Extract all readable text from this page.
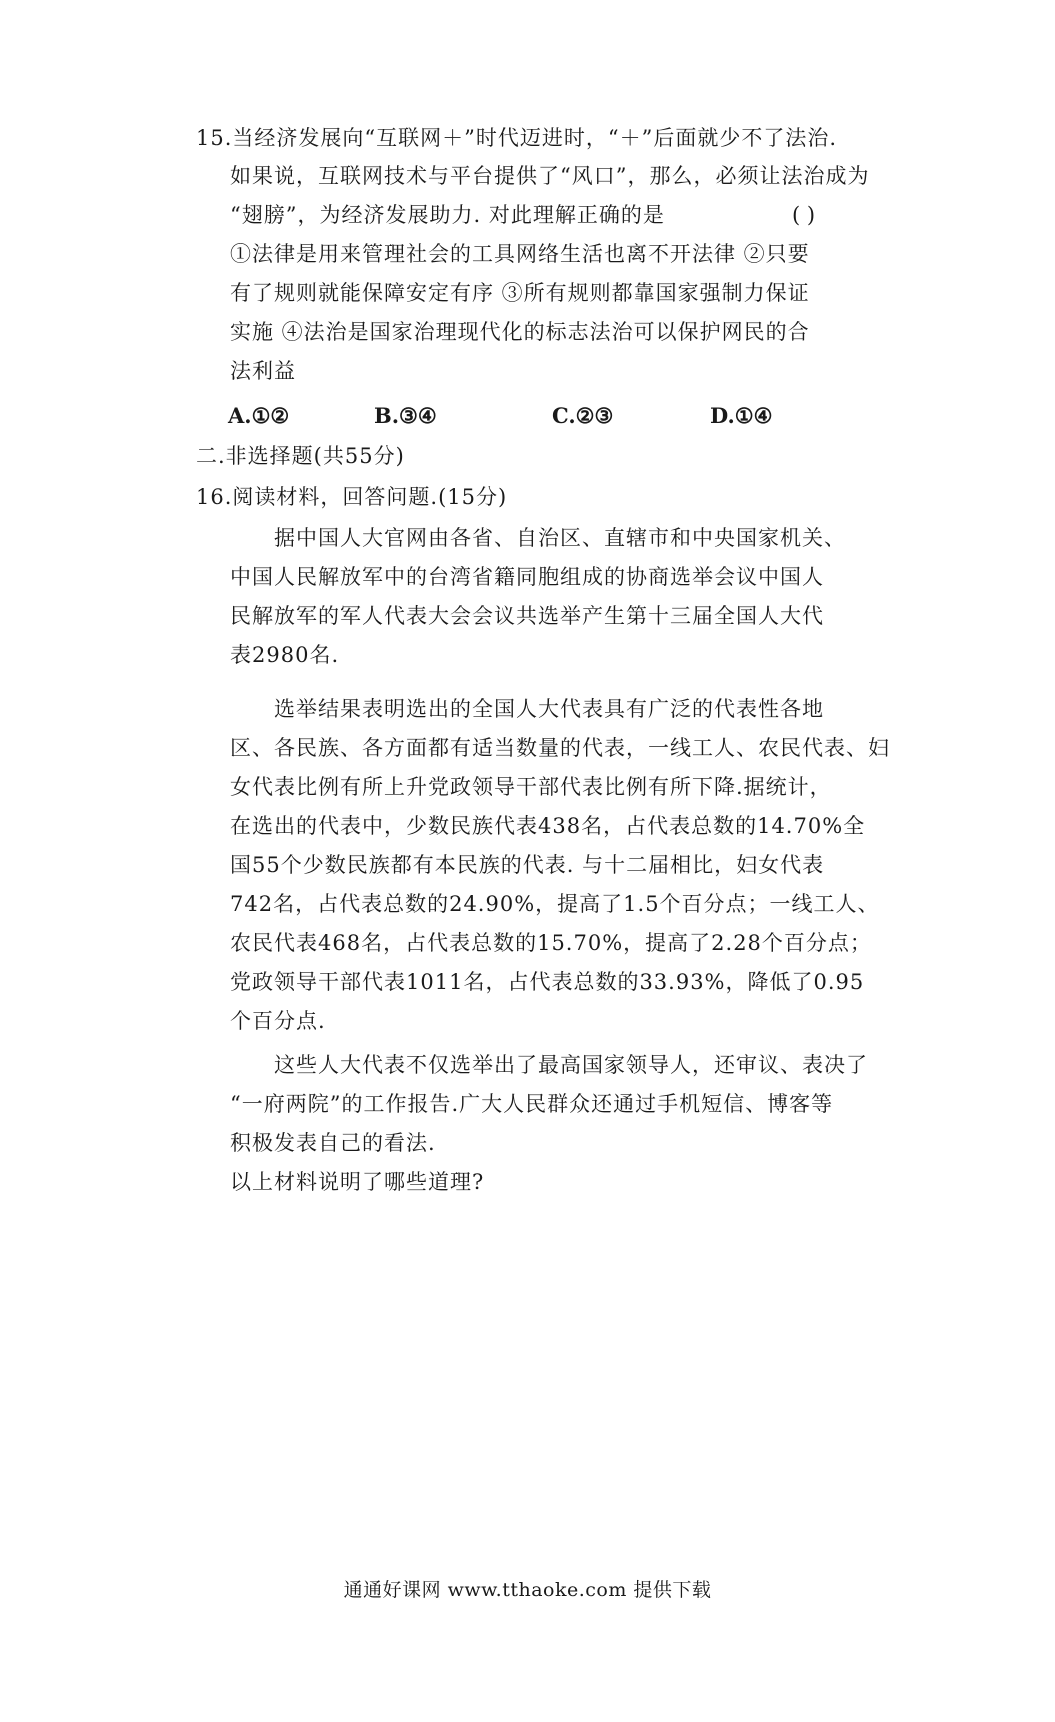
15.当经济发展向“互联网＋”时代迈进时，“＋”后面就少不了法治.
如果说，互联网技术与平台提供了“风口”，那么，必须让法治成为
“翅膀”，为经济发展助力. 对此理解正确的是	( )
①法律是用来管理社会的工具网络生活也离不开法律 ②只要
有了规则就能保障安定有序 ③所有规则都靠国家强制力保证
实施 ④法治是国家治理现代化的标志法治可以保护网民的合
法利益
A.①②	B.③④	C.②③	D.①④
二.非选择题(共55分)
16.阅读材料，回答问题.(15分)
据中国人大官网由各省、自治区、直辖市和中央国家机关、
中国人民解放军中的台湾省籍同胞组成的协商选举会议中国人
民解放军的军人代表大会会议共选举产生第十三届全国人大代
表2980名.
选举结果表明选出的全国人大代表具有广泛的代表性各地
区、各民族、各方面都有适当数量的代表，一线工人、农民代表、妇
女代表比例有所上升党政领导干部代表比例有所下降.据统计，
在选出的代表中，少数民族代表438名，占代表总数的14.70%全
国55个少数民族都有本民族的代表. 与十二届相比，妇女代表
742名，占代表总数的24.90%，提高了1.5个百分点；一线工人、
农民代表468名，占代表总数的15.70%，提高了2.28个百分点；
党政领导干部代表1011名，占代表总数的33.93%，降低了0.95
个百分点.
这些人大代表不仅选举出了最高国家领导人，还审议、表决了
“一府两院”的工作报告.广大人民群众还通过手机短信、博客等
积极发表自己的看法.
以上材料说明了哪些道理?
通通好课网 www.tthaoke.com 提供下载
